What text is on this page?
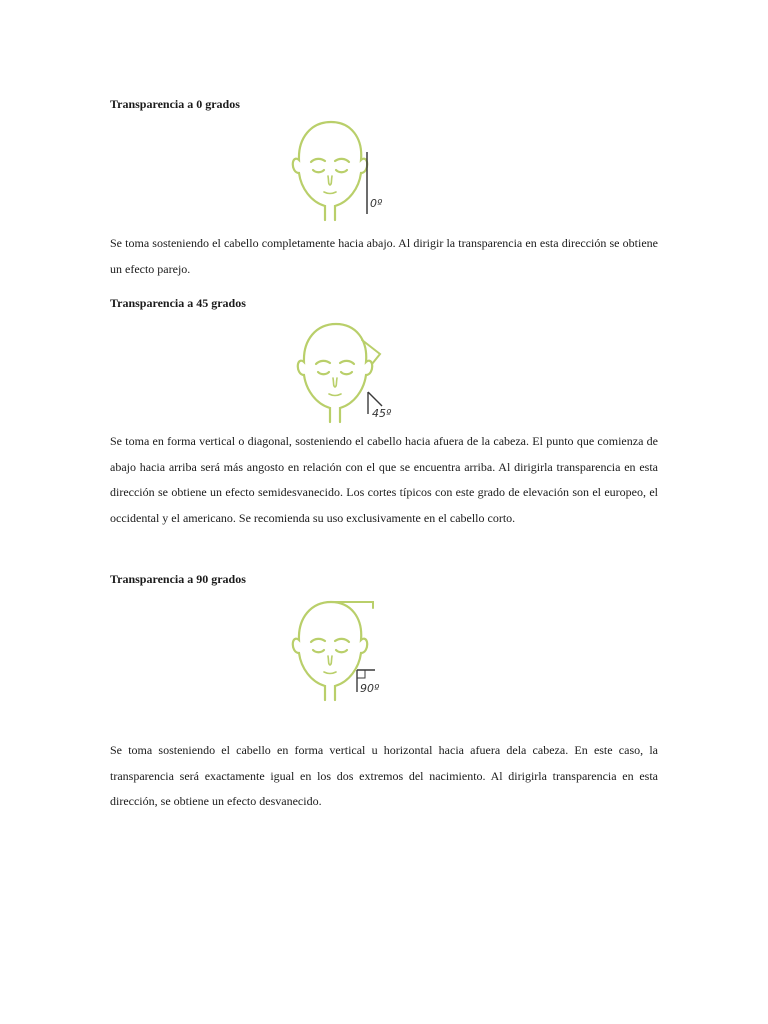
Transparencia a 0 grados
0º

Se toma sosteniendo el cabello completamente hacia abajo. Al dirigir la transparencia en esta dirección se obtiene un efecto parejo.

Transparencia a 45 grados
45º

Se toma en forma vertical o diagonal, sosteniendo el cabello hacia afuera de la cabeza. El punto que comienza de abajo hacia arriba será más angosto en relación con el que se encuentra arriba. Al dirigirla transparencia en esta dirección se obtiene un efecto semidesvanecido. Los cortes típicos con este grado de elevación son el europeo, el occidental y el americano. Se recomienda su uso exclusivamente en el cabello corto.

Transparencia a 90 grados
90º

Se toma sosteniendo el cabello en forma vertical u horizontal hacia afuera dela cabeza. En este caso, la transparencia será exactamente igual en los dos extremos del nacimiento. Al dirigirla transparencia en esta dirección, se obtiene un efecto desvanecido.
